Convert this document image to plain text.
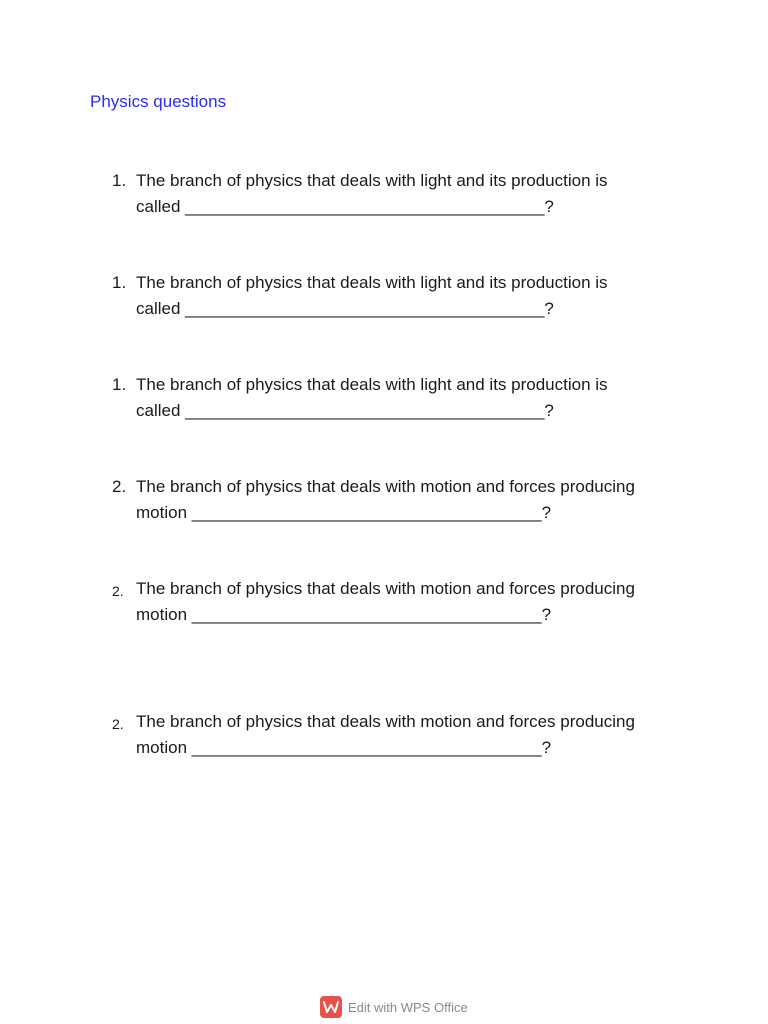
Physics questions
1. The branch of physics that deals with light and its production is
called ______________________________________?
1. The branch of physics that deals with light and its production is
called ______________________________________?
1. The branch of physics that deals with light and its production is
called ______________________________________?
2. The branch of physics that deals with motion and forces producing
motion _____________________________________?
2. The branch of physics that deals with motion and forces producing
motion _____________________________________?
2. The branch of physics that deals with motion and forces producing
motion _____________________________________?
Edit with WPS Office
